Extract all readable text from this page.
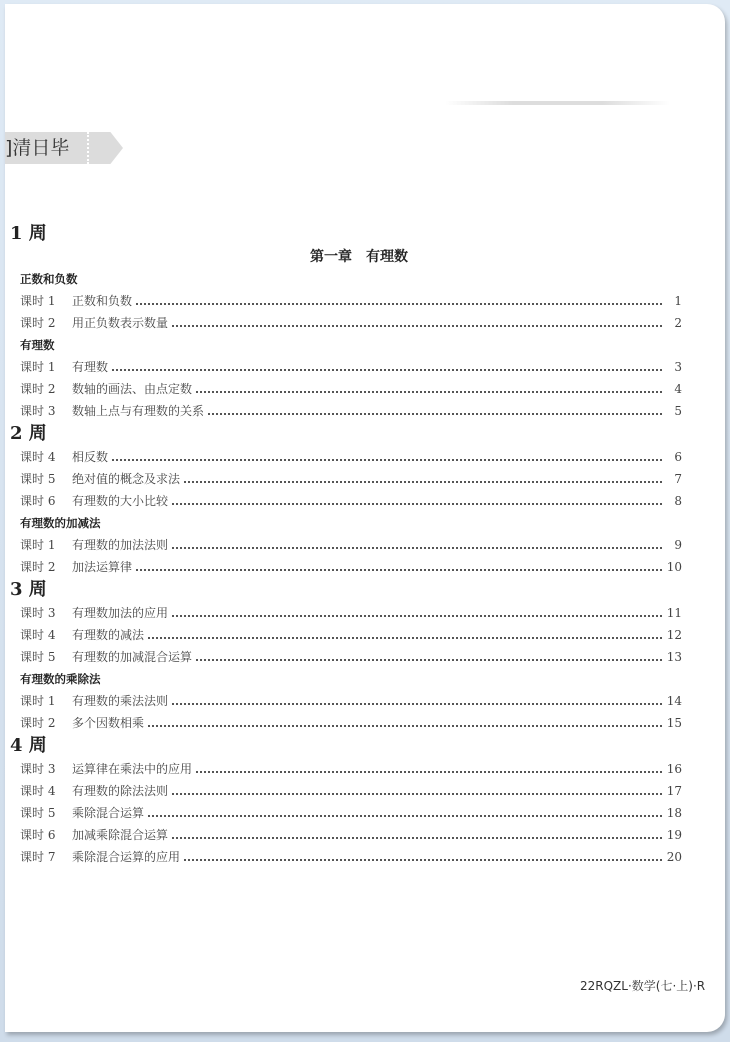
]清日毕
1 周
第一章　有理数
正数和负数
课时 1	正数和负数	1
课时 2	用正负数表示数量	2
有理数
课时 1	有理数	3
课时 2	数轴的画法、由点定数	4
课时 3	数轴上点与有理数的关系	5
2 周
课时 4	相反数	6
课时 5	绝对值的概念及求法	7
课时 6	有理数的大小比较	8
有理数的加减法
课时 1	有理数的加法法则	9
课时 2	加法运算律	10
3 周
课时 3	有理数加法的应用	11
课时 4	有理数的减法	12
课时 5	有理数的加减混合运算	13
有理数的乘除法
课时 1	有理数的乘法法则	14
课时 2	多个因数相乘	15
4 周
课时 3	运算律在乘法中的应用	16
课时 4	有理数的除法法则	17
课时 5	乘除混合运算	18
课时 6	加减乘除混合运算	19
课时 7	乘除混合运算的应用	20
22RQZL·数学(七·上)·R
